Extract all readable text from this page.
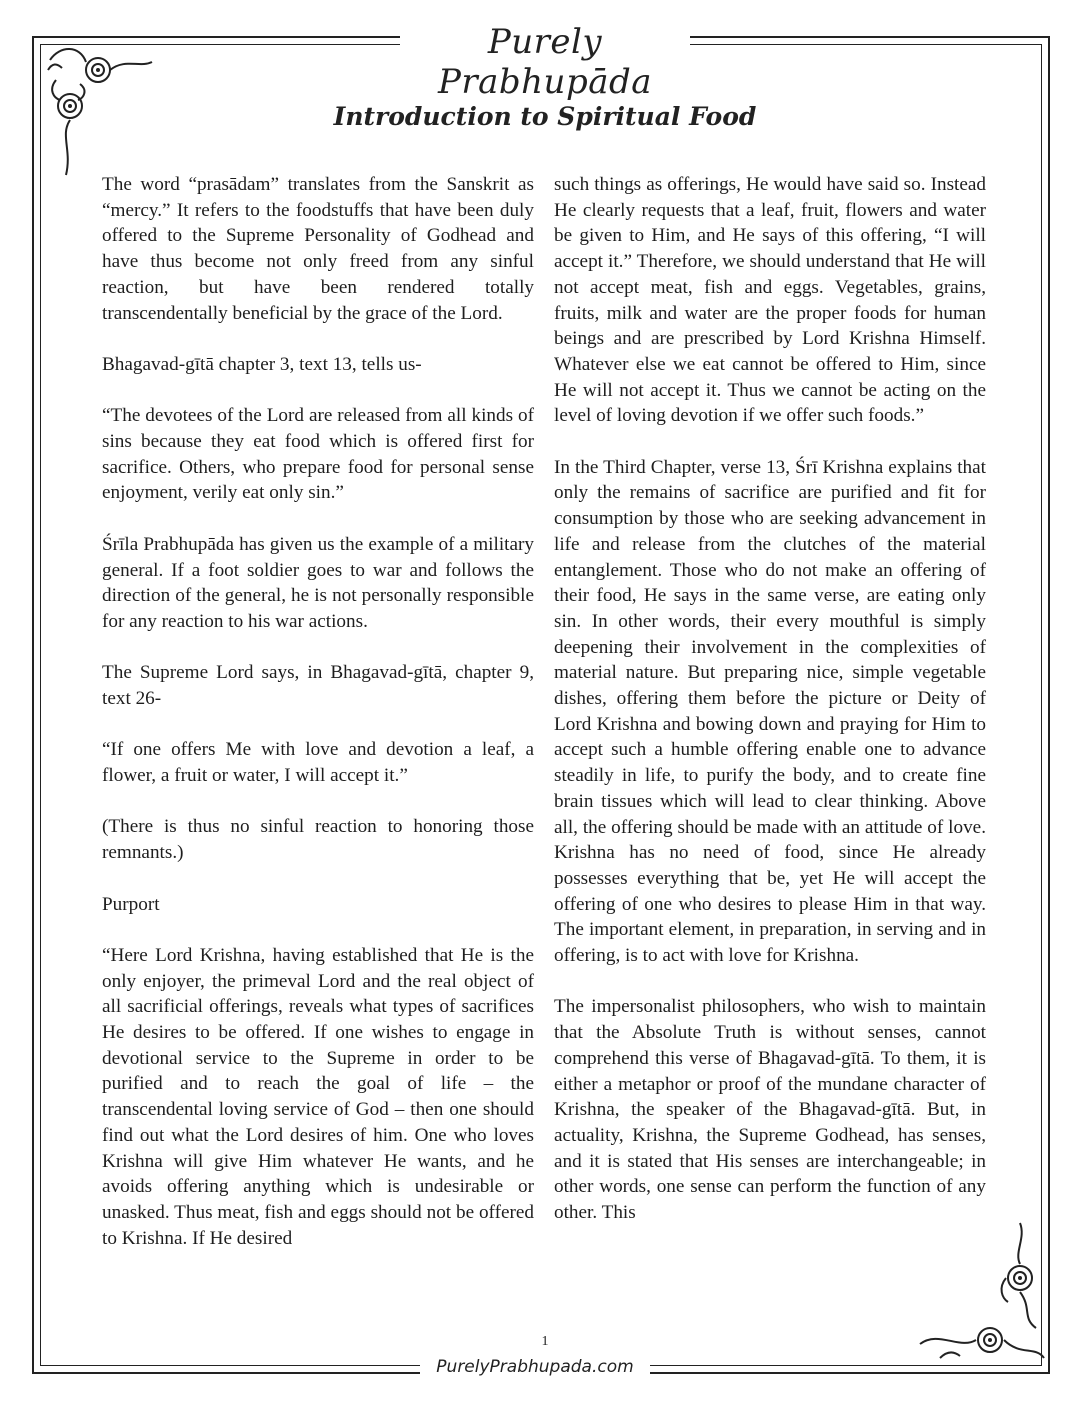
Purely Prabhupāda
Introduction to Spiritual Food

The word “prasādam” translates from the Sanskrit as “mercy.” It refers to the foodstuffs that have been duly offered to the Supreme Personality of Godhead and have thus become not only freed from any sinful reaction, but have been rendered totally transcendentally beneficial by the grace of the Lord.

Bhagavad-gītā chapter 3, text 13, tells us-

“The devotees of the Lord are released from all kinds of sins because they eat food which is offered first for sacrifice. Others, who prepare food for personal sense enjoyment, verily eat only sin.”

Śrīla Prabhupāda has given us the example of a military general. If a foot soldier goes to war and follows the direction of the general, he is not personally responsible for any reaction to his war actions.

The Supreme Lord says, in Bhagavad-gītā, chapter 9, text 26-

“If one offers Me with love and devotion a leaf, a flower, a fruit or water, I will accept it.”

(There is thus no sinful reaction to honoring those remnants.)

Purport

“Here Lord Krishna, having established that He is the only enjoyer, the primeval Lord and the real object of all sacrificial offerings, reveals what types of sacrifices He desires to be offered. If one wishes to engage in devotional service to the Supreme in order to be purified and to reach the goal of life – the transcendental loving service of God – then one should find out what the Lord desires of him. One who loves Krishna will give Him whatever He wants, and he avoids offering anything which is undesirable or unasked. Thus meat, fish and eggs should not be offered to Krishna. If He desired

such things as offerings, He would have said so. Instead He clearly requests that a leaf, fruit, flowers and water be given to Him, and He says of this offering, “I will accept it.” Therefore, we should understand that He will not accept meat, fish and eggs. Vegetables, grains, fruits, milk and water are the proper foods for human beings and are prescribed by Lord Krishna Himself. Whatever else we eat cannot be offered to Him, since He will not accept it. Thus we cannot be acting on the level of loving devotion if we offer such foods.”

In the Third Chapter, verse 13, Śrī Krishna explains that only the remains of sacrifice are purified and fit for consumption by those who are seeking advancement in life and release from the clutches of the material entanglement. Those who do not make an offering of their food, He says in the same verse, are eating only sin. In other words, their every mouthful is simply deepening their involvement in the complexities of material nature. But preparing nice, simple vegetable dishes, offering them before the picture or Deity of Lord Krishna and bowing down and praying for Him to accept such a humble offering enable one to advance steadily in life, to purify the body, and to create fine brain tissues which will lead to clear thinking. Above all, the offering should be made with an attitude of love. Krishna has no need of food, since He already possesses everything that be, yet He will accept the offering of one who desires to please Him in that way. The important element, in preparation, in serving and in offering, is to act with love for Krishna.

The impersonalist philosophers, who wish to maintain that the Absolute Truth is without senses, cannot comprehend this verse of Bhagavad-gītā. To them, it is either a metaphor or proof of the mundane character of Krishna, the speaker of the Bhagavad-gītā. But, in actuality, Krishna, the Supreme Godhead, has senses, and it is stated that His senses are interchangeable; in other words, one sense can perform the function of any other. This

1
PurelyPrabhupada.com
